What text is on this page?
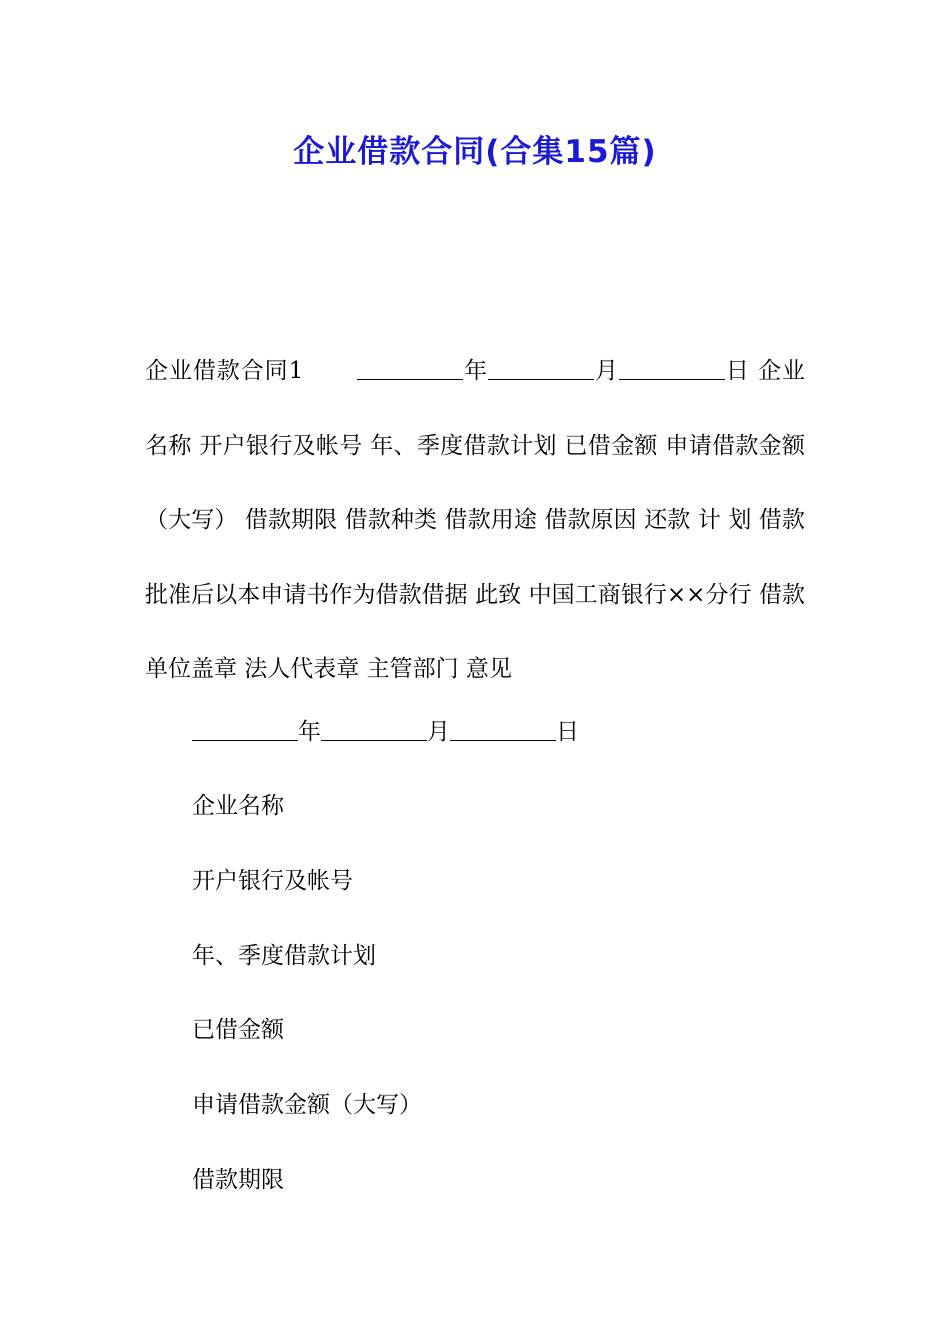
企业借款合同(合集15篇)

企业借款合同1	年	月	日 企业名称 开户银行及帐号 年、季度借款计划 已借金额 申请借款金额（大写） 借款期限 借款种类 借款用途 借款原因 还款 计 划 借款批准后以本申请书作为借款借据 此致 中国工商银行××分行 借款单位盖章 法人代表章 主管部门 意见

年	月	日

企业名称

开户银行及帐号

年、季度借款计划

已借金额

申请借款金额（大写）

借款期限
